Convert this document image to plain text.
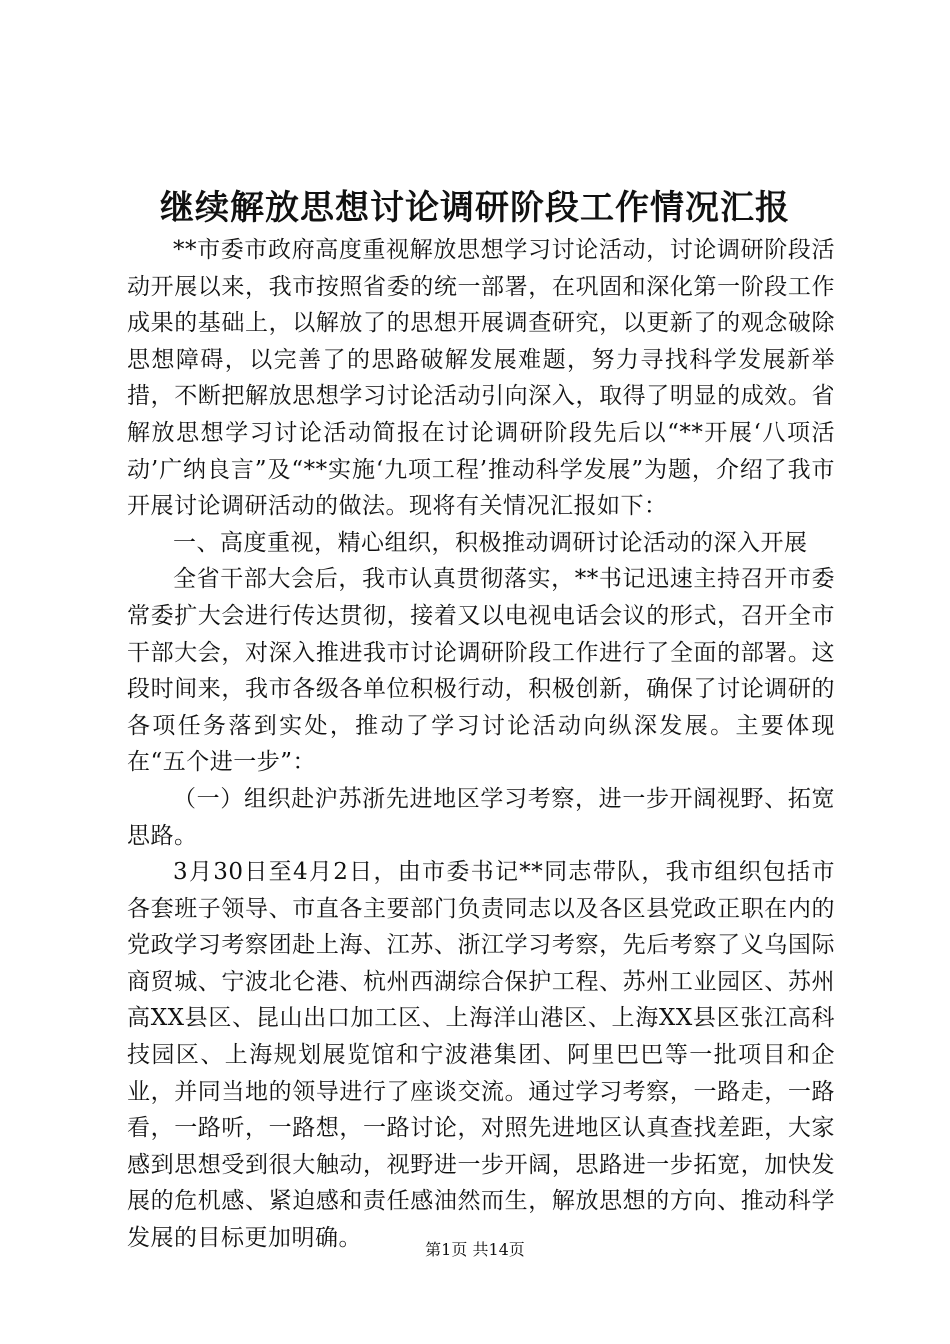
继续解放思想讨论调研阶段工作情况汇报

**市委市政府高度重视解放思想学习讨论活动，讨论调研阶段活动开展以来，我市按照省委的统一部署，在巩固和深化第一阶段工作成果的基础上，以解放了的思想开展调查研究，以更新了的观念破除思想障碍，以完善了的思路破解发展难题，努力寻找科学发展新举措，不断把解放思想学习讨论活动引向深入，取得了明显的成效。省解放思想学习讨论活动简报在讨论调研阶段先后以“**开展‘八项活动’广纳良言”及“**实施‘九项工程’推动科学发展”为题，介绍了我市开展讨论调研活动的做法。现将有关情况汇报如下：

一、高度重视，精心组织，积极推动调研讨论活动的深入开展

全省干部大会后，我市认真贯彻落实，**书记迅速主持召开市委常委扩大会进行传达贯彻，接着又以电视电话会议的形式，召开全市干部大会，对深入推进我市讨论调研阶段工作进行了全面的部署。这段时间来，我市各级各单位积极行动，积极创新，确保了讨论调研的各项任务落到实处，推动了学习讨论活动向纵深发展。主要体现在“五个进一步”：

（一）组织赴沪苏浙先进地区学习考察，进一步开阔视野、拓宽思路。

3月30日至4月2日，由市委书记**同志带队，我市组织包括市各套班子领导、市直各主要部门负责同志以及各区县党政正职在内的党政学习考察团赴上海、江苏、浙江学习考察，先后考察了义乌国际商贸城、宁波北仑港、杭州西湖综合保护工程、苏州工业园区、苏州高XX县区、昆山出口加工区、上海洋山港区、上海XX县区张江高科技园区、上海规划展览馆和宁波港集团、阿里巴巴等一批项目和企业，并同当地的领导进行了座谈交流。通过学习考察，一路走，一路看，一路听，一路想，一路讨论，对照先进地区认真查找差距，大家感到思想受到很大触动，视野进一步开阔，思路进一步拓宽，加快发展的危机感、紧迫感和责任感油然而生，解放思想的方向、推动科学发展的目标更加明确。	第1页 共14页
